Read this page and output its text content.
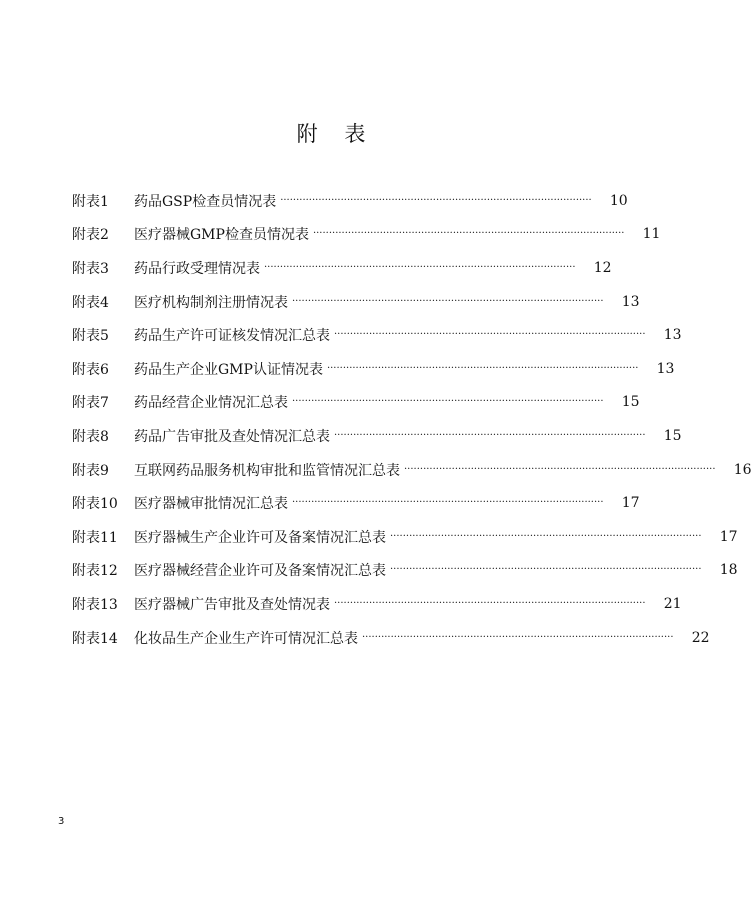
附 表
附表1	药品GSP检查员情况表 ··································································································	10
附表2	医疗器械GMP检查员情况表 ··································································································	11
附表3	药品行政受理情况表 ··································································································	12
附表4	医疗机构制剂注册情况表 ··································································································	13
附表5	药品生产许可证核发情况汇总表 ··································································································	13
附表6	药品生产企业GMP认证情况表 ··································································································	13
附表7	药品经营企业情况汇总表 ··································································································	15
附表8	药品广告审批及查处情况汇总表 ··································································································	15
附表9	互联网药品服务机构审批和监管情况汇总表 ··································································································	16
附表10	医疗器械审批情况汇总表 ··································································································	17
附表11	医疗器械生产企业许可及备案情况汇总表 ··································································································	17
附表12	医疗器械经营企业许可及备案情况汇总表 ··································································································	18
附表13	医疗器械广告审批及查处情况表 ··································································································	21
附表14	化妆品生产企业生产许可情况汇总表 ··································································································	22
3
